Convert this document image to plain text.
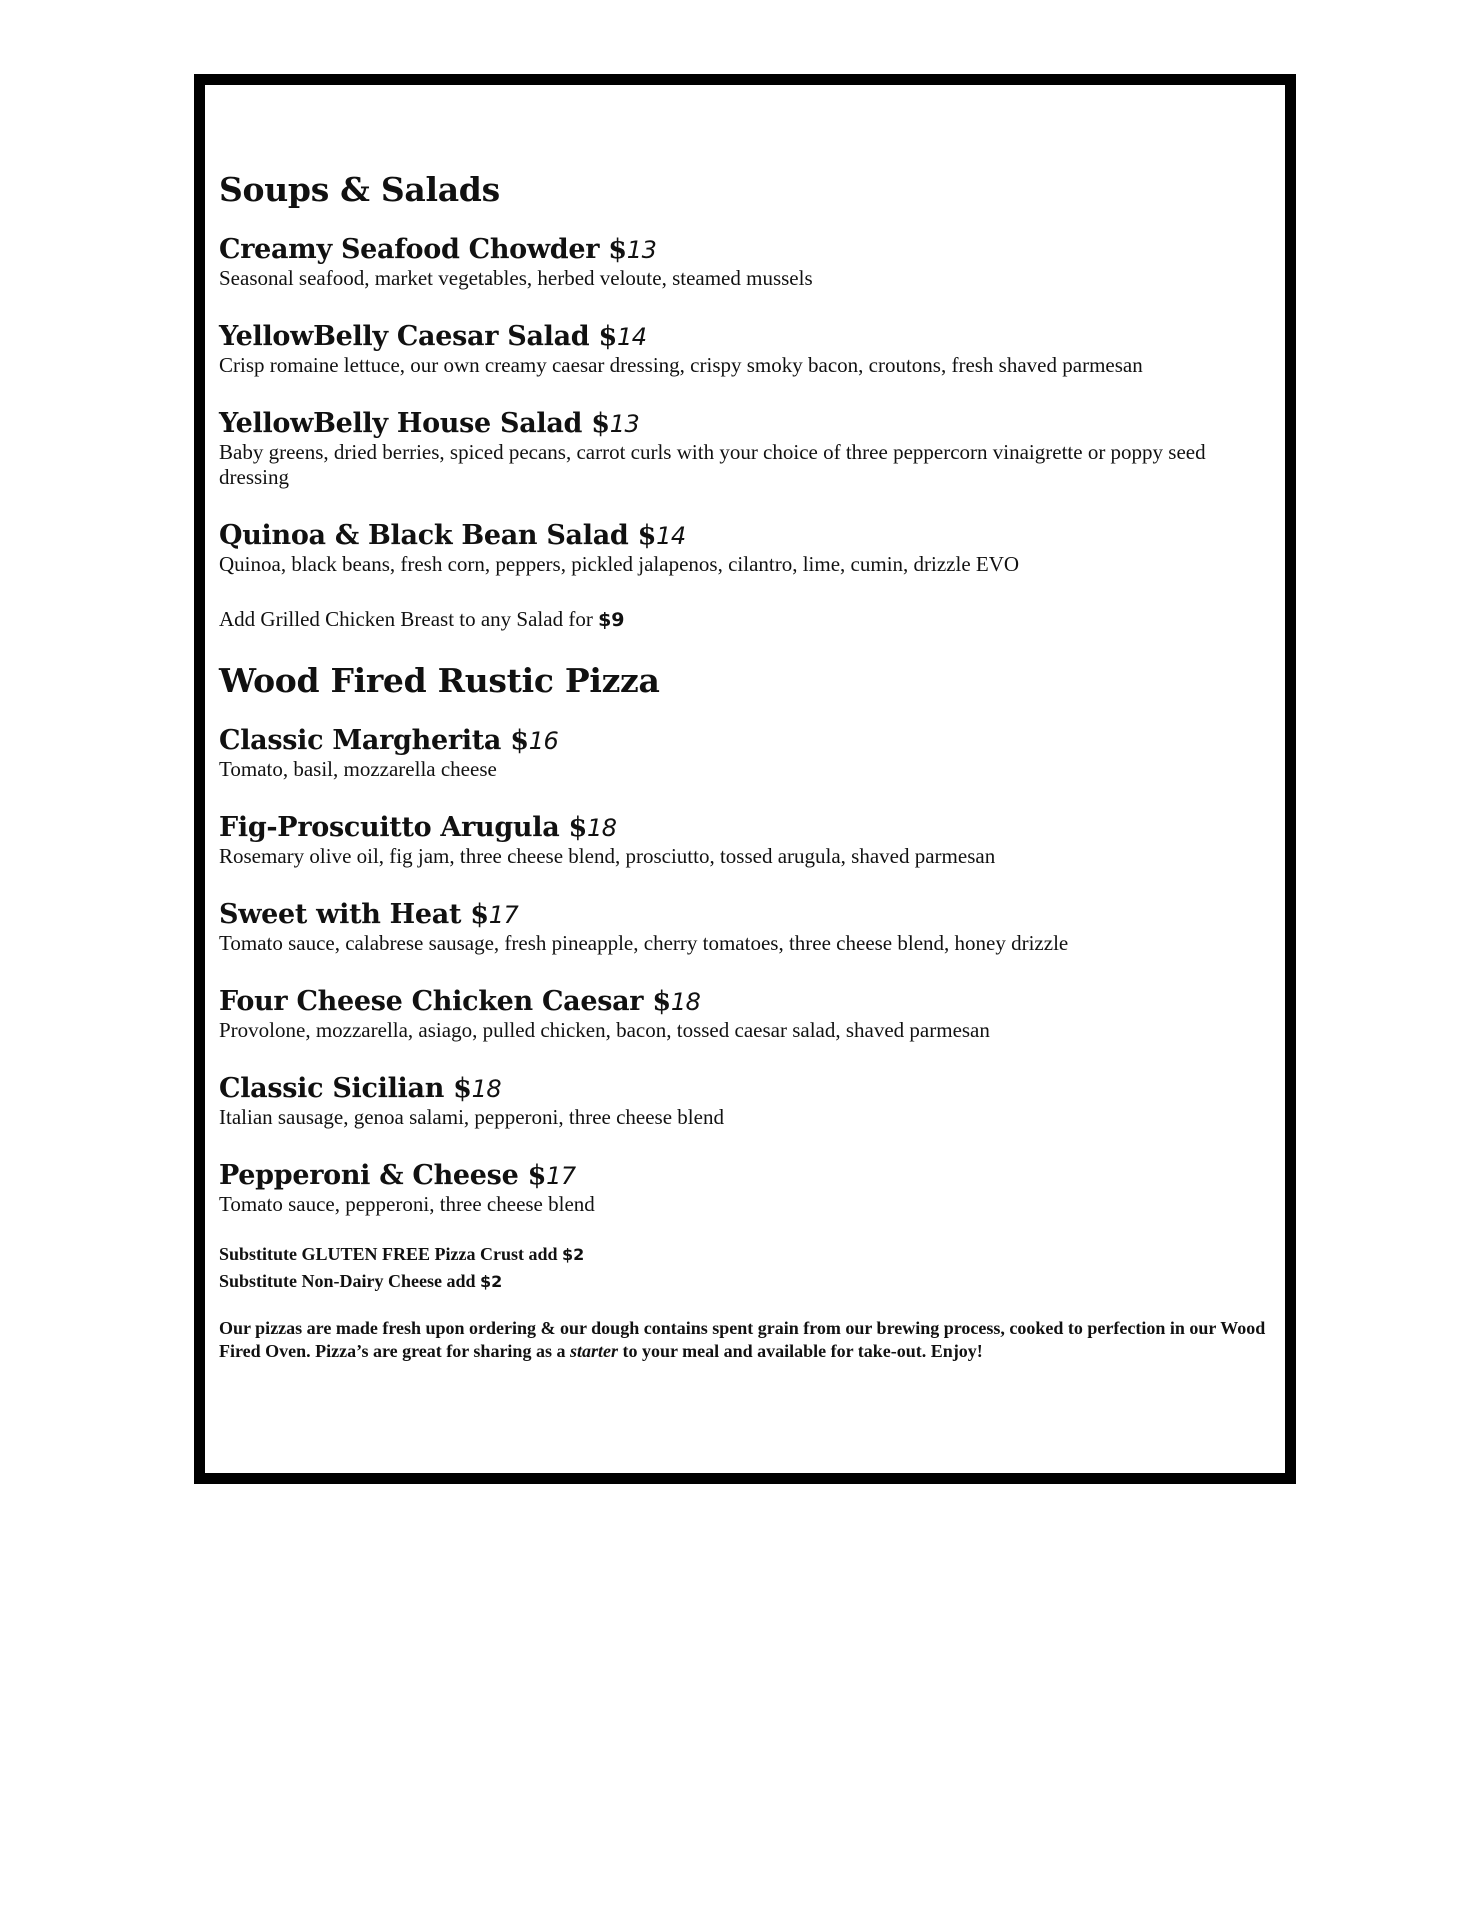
Soups & Salads
Creamy Seafood Chowder $13
Seasonal seafood, market vegetables, herbed veloute, steamed mussels
YellowBelly Caesar Salad $14
Crisp romaine lettuce, our own creamy caesar dressing, crispy smoky bacon, croutons, fresh shaved parmesan
YellowBelly House Salad $13
Baby greens, dried berries, spiced pecans, carrot curls with your choice of three peppercorn vinaigrette or poppy seed dressing
Quinoa & Black Bean Salad $14
Quinoa, black beans, fresh corn, peppers, pickled jalapenos, cilantro, lime, cumin, drizzle EVO

Add Grilled Chicken Breast to any Salad for $9

Wood Fired Rustic Pizza
Classic Margherita $16
Tomato, basil, mozzarella cheese
Fig-Proscuitto Arugula $18
Rosemary olive oil, fig jam, three cheese blend, prosciutto, tossed arugula, shaved parmesan
Sweet with Heat $17
Tomato sauce, calabrese sausage, fresh pineapple, cherry tomatoes, three cheese blend, honey drizzle
Four Cheese Chicken Caesar $18
Provolone, mozzarella, asiago, pulled chicken, bacon, tossed caesar salad, shaved parmesan
Classic Sicilian $18
Italian sausage, genoa salami, pepperoni, three cheese blend
Pepperoni & Cheese $17
Tomato sauce, pepperoni, three cheese blend
Substitute GLUTEN FREE Pizza Crust add $2
Substitute Non-Dairy Cheese add $2
Our pizzas are made fresh upon ordering & our dough contains spent grain from our brewing process, cooked to perfection in our Wood Fired Oven. Pizza’s are great for sharing as a starter to your meal and available for take-out. Enjoy!
